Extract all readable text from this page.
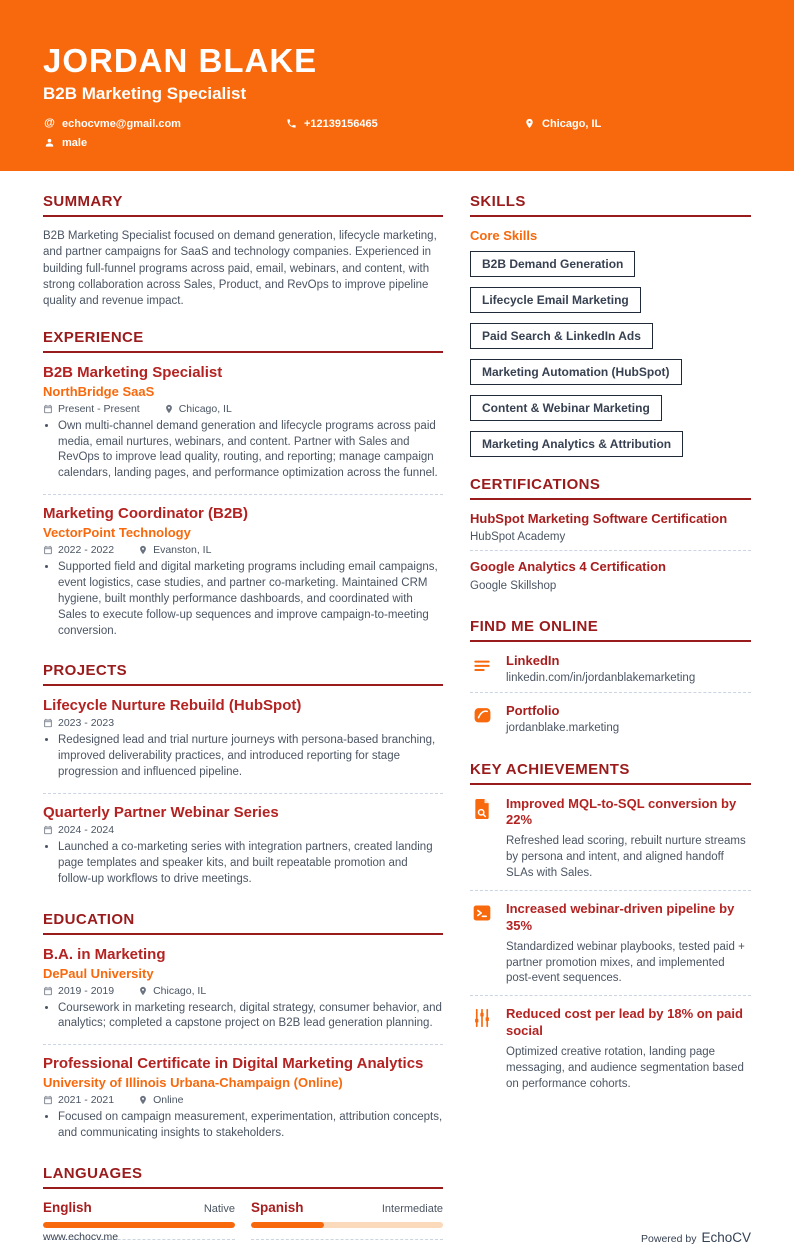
JORDAN BLAKE
B2B Marketing Specialist
@ echocvme@gmail.com	+12139156465	Chicago, IL
male
SUMMARY

B2B Marketing Specialist focused on demand generation, lifecycle marketing, and partner campaigns for SaaS and technology companies. Experienced in building full-funnel programs across paid, email, webinars, and content, with strong collaboration across Sales, Product, and RevOps to improve pipeline quality and revenue impact.

EXPERIENCE
B2B Marketing Specialist
NorthBridge SaaS
Present - Present	Chicago, IL
• Own multi-channel demand generation and lifecycle programs across paid media, email nurtures, webinars, and content. Partner with Sales and RevOps to improve lead quality, routing, and reporting; manage campaign calendars, landing pages, and performance optimization across the funnel.
Marketing Coordinator (B2B)
VectorPoint Technology
2022 - 2022	Evanston, IL
• Supported field and digital marketing programs including email campaigns, event logistics, case studies, and partner co-marketing. Maintained CRM hygiene, built monthly performance dashboards, and coordinated with Sales to execute follow-up sequences and improve campaign-to-meeting conversion.
PROJECTS
Lifecycle Nurture Rebuild (HubSpot)
2023 - 2023
• Redesigned lead and trial nurture journeys with persona-based branching, improved deliverability practices, and introduced reporting for stage progression and influenced pipeline.
Quarterly Partner Webinar Series
2024 - 2024
• Launched a co-marketing series with integration partners, created landing page templates and speaker kits, and built repeatable promotion and follow-up workflows to drive meetings.
EDUCATION
B.A. in Marketing
DePaul University
2019 - 2019	Chicago, IL
• Coursework in marketing research, digital strategy, consumer behavior, and analytics; completed a capstone project on B2B lead generation planning.
Professional Certificate in Digital Marketing Analytics
University of Illinois Urbana-Champaign (Online)
2021 - 2021	Online
• Focused on campaign measurement, experimentation, attribution concepts, and communicating insights to stakeholders.
LANGUAGES
English	Native Spanish	Intermediate
SKILLS
Core Skills
B2B Demand Generation
Lifecycle Email Marketing
Paid Search & LinkedIn Ads
Marketing Automation (HubSpot)
Content & Webinar Marketing
Marketing Analytics & Attribution
CERTIFICATIONS
HubSpot Marketing Software Certification
HubSpot Academy
Google Analytics 4 Certification
Google Skillshop
FIND ME ONLINE
LinkedIn
linkedin.com/in/jordanblakemarketing
Portfolio
jordanblake.marketing
KEY ACHIEVEMENTS
Improved MQL-to-SQL conversion by 22%
Refreshed lead scoring, rebuilt nurture streams by persona and intent, and aligned handoff SLAs with Sales.
Increased webinar-driven pipeline by 35%
Standardized webinar playbooks, tested paid + partner promotion mixes, and implemented post-event sequences.
Reduced cost per lead by 18% on paid social
Optimized creative rotation, landing page messaging, and audience segmentation based on performance cohorts.
www.echocv.me	Powered by EchoCV
